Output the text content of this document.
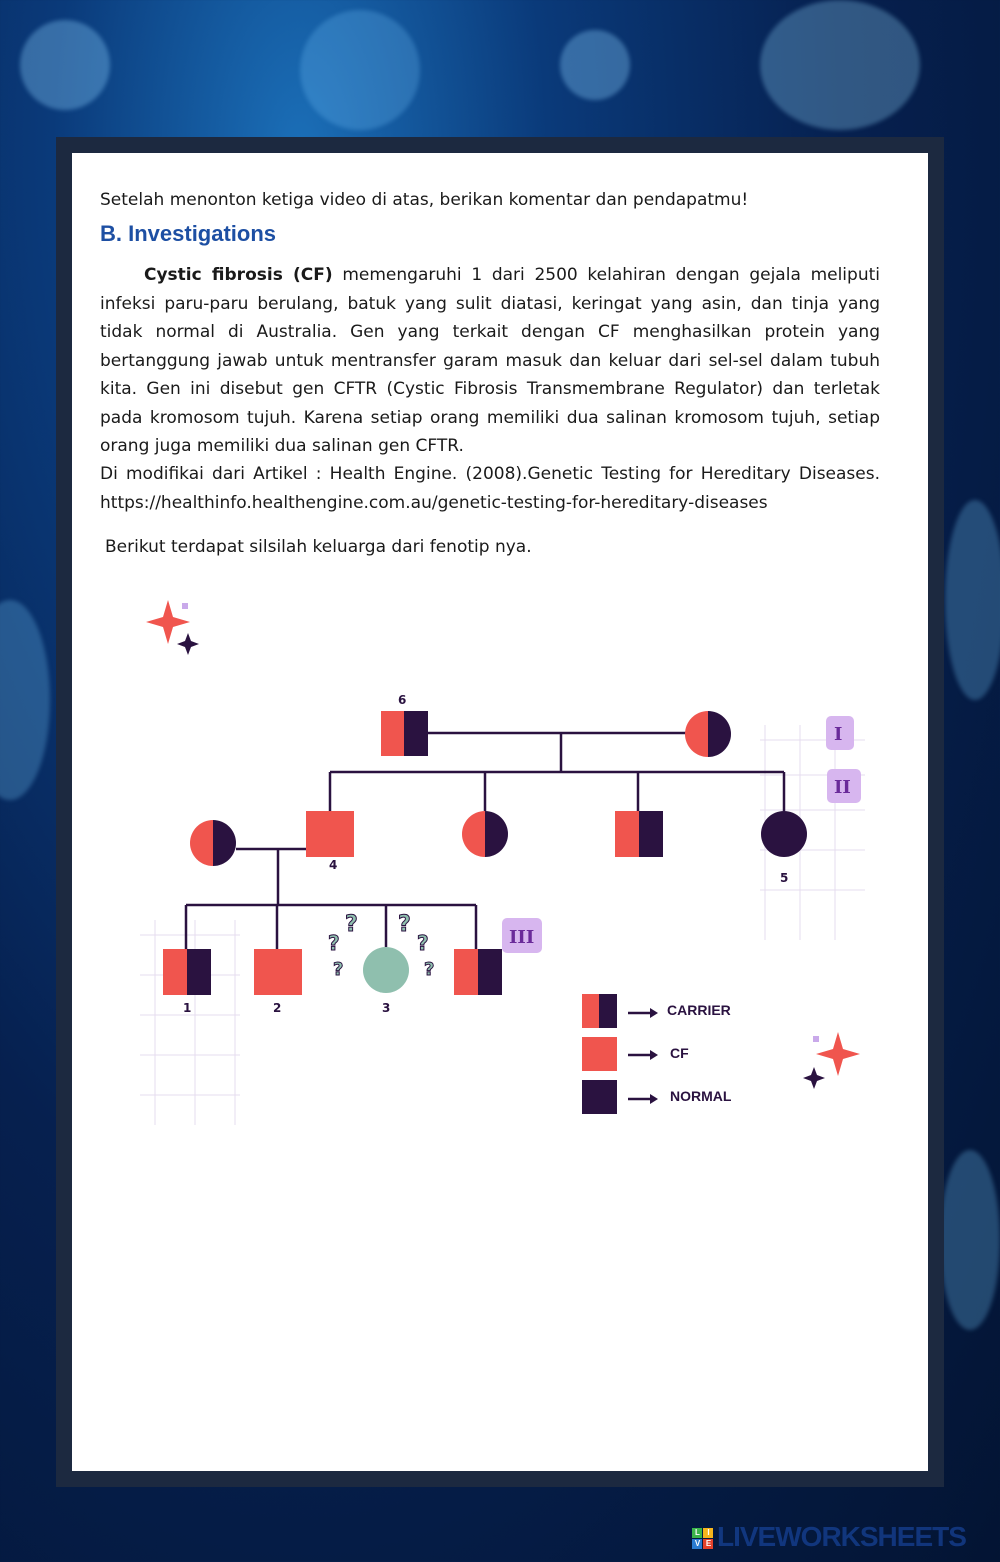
Setelah menonton ketiga video di atas, berikan komentar dan pendapatmu!
B. Investigations
Cystic fibrosis (CF) memengaruhi 1 dari 2500 kelahiran dengan gejala meliputi infeksi paru-paru berulang, batuk yang sulit diatasi, keringat yang asin, dan tinja yang tidak normal di Australia. Gen yang terkait dengan CF menghasilkan protein yang bertanggung jawab untuk mentransfer garam masuk dan keluar dari sel-sel dalam tubuh kita. Gen ini disebut gen CFTR (Cystic Fibrosis Transmembrane Regulator) dan terletak pada kromosom tujuh. Karena setiap orang memiliki dua salinan kromosom tujuh, setiap orang juga memiliki dua salinan gen CFTR.
Di modifikai dari Artikel : Health Engine. (2008).Genetic Testing for Hereditary Diseases. https://healthinfo.healthengine.com.au/genetic-testing-for-hereditary-diseases
Berikut terdapat silsilah keluarga dari fenotip nya.
6
4
5
1	2	3
?
?
?
?
?
?
I
II
III
CARRIER
CF
NORMAL
L	I
V E LIVEWORKSHEETS
